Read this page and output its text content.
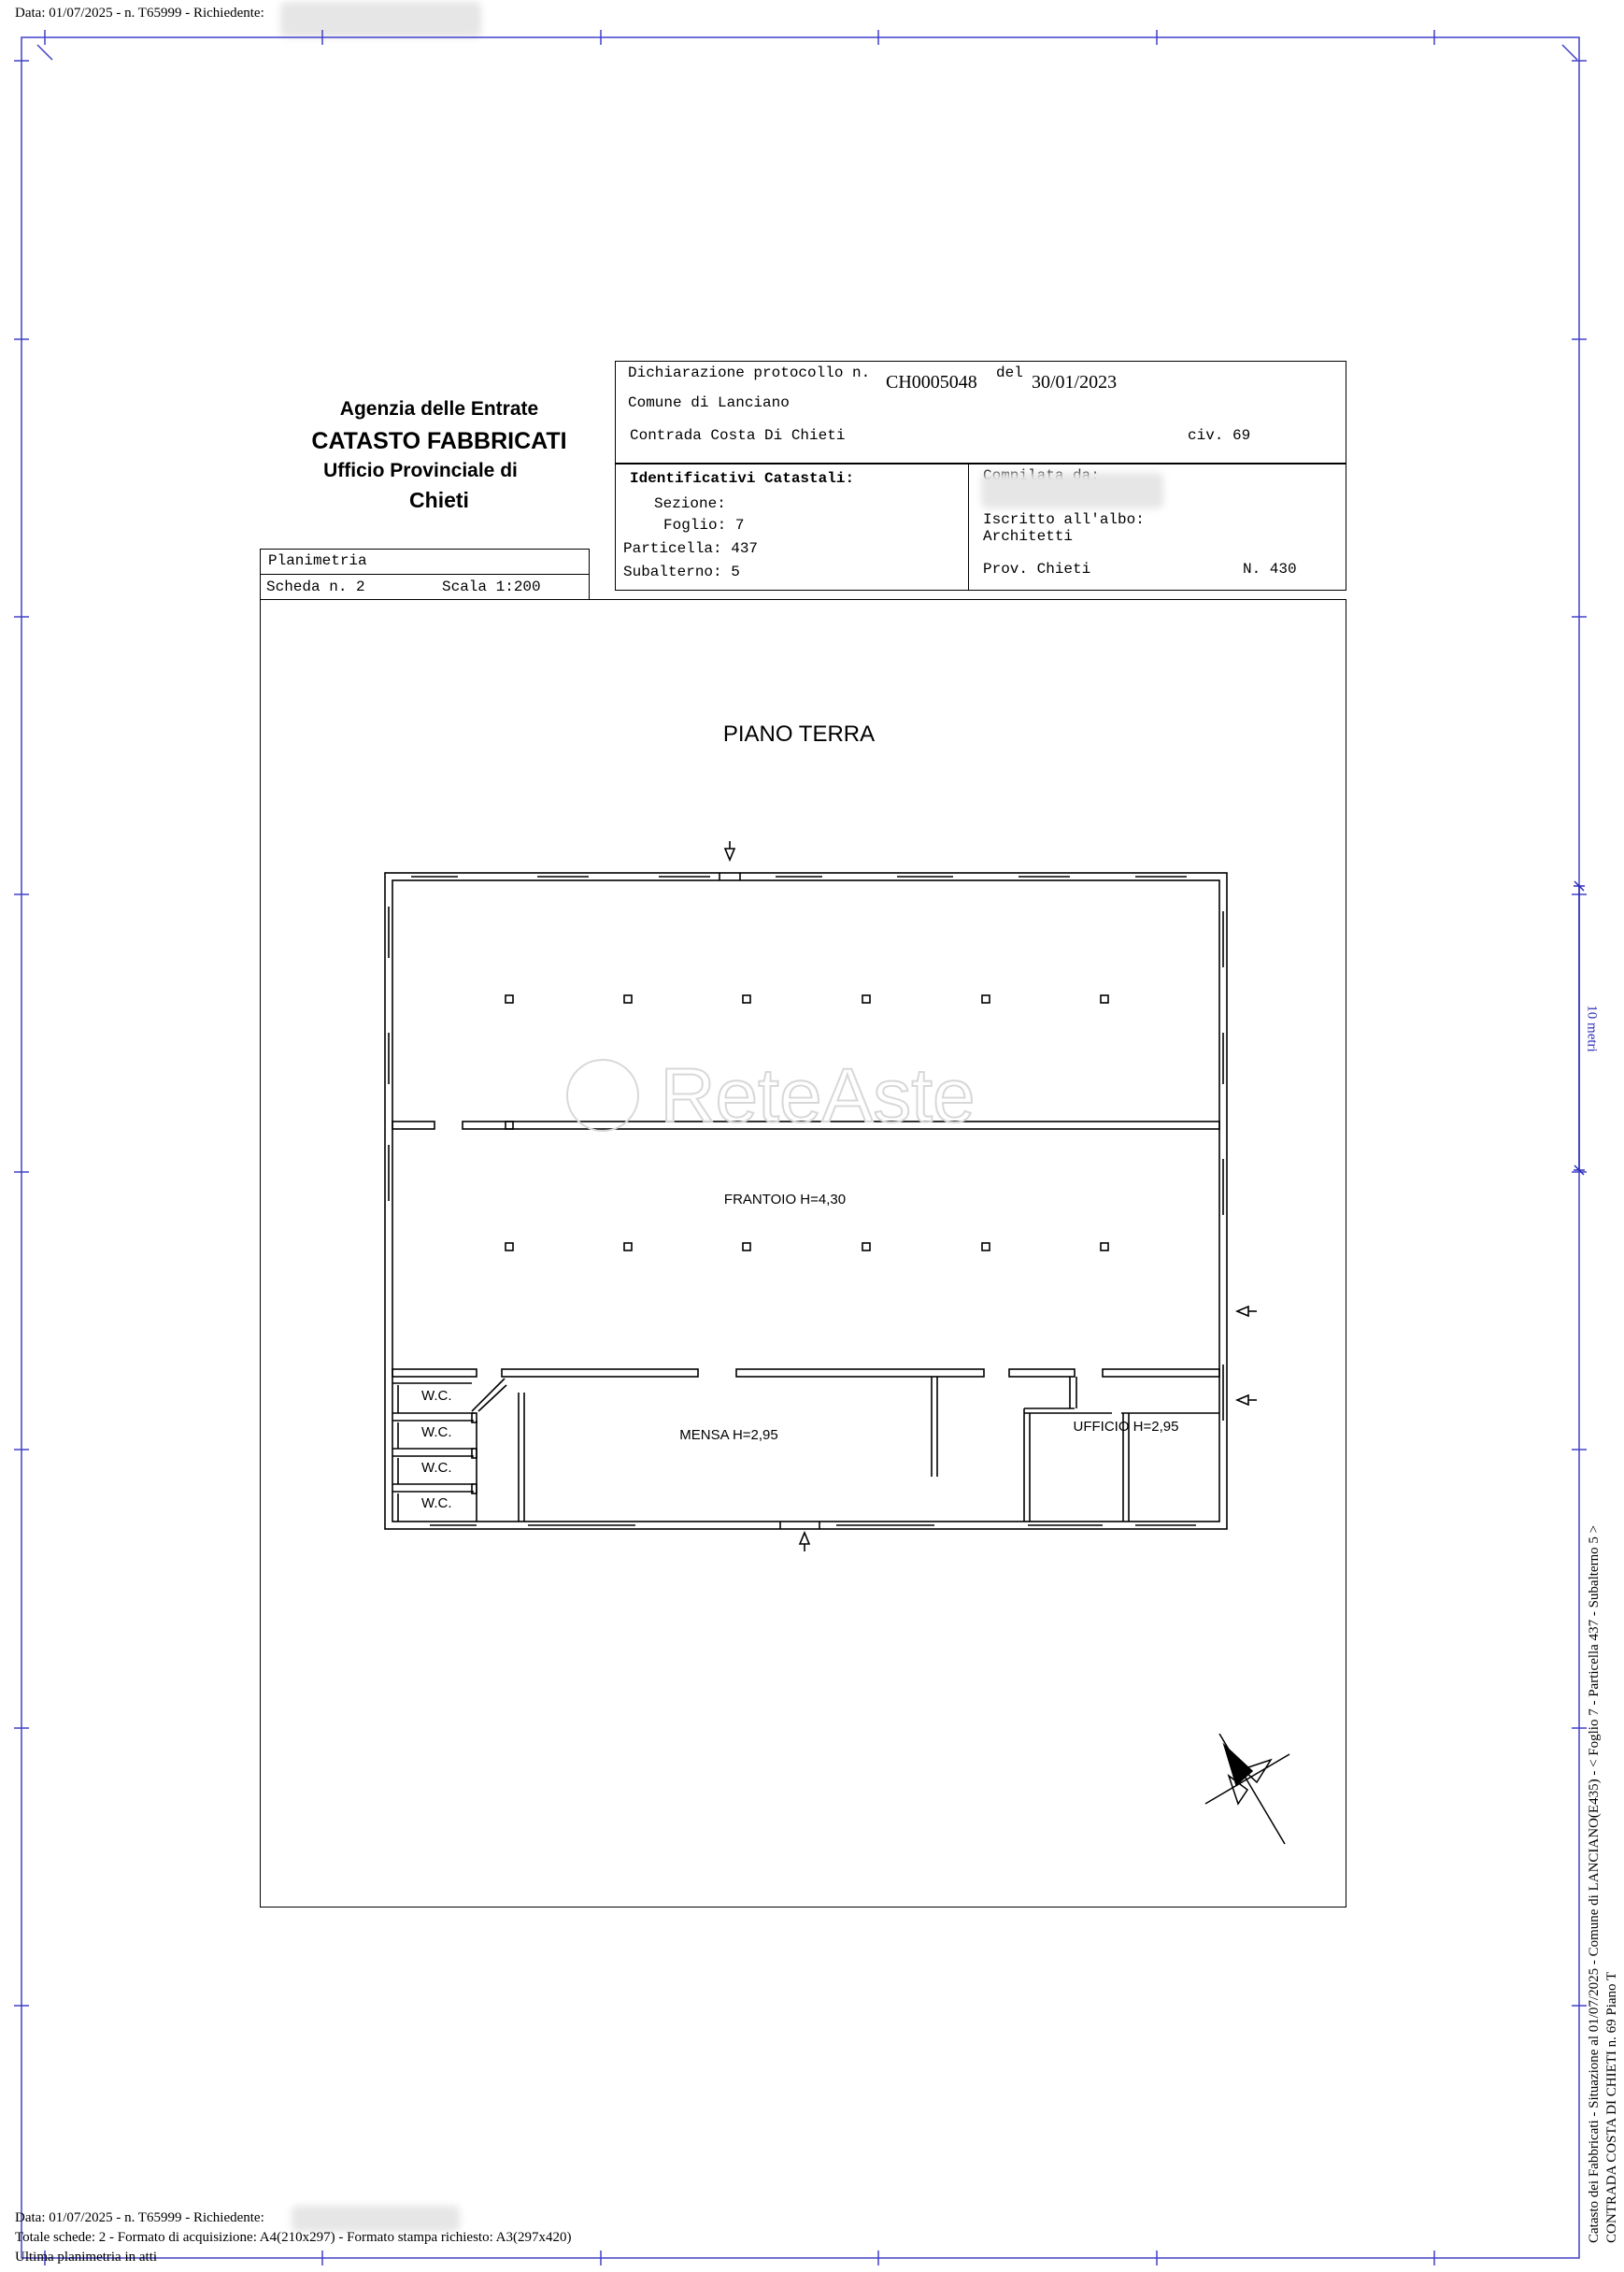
Data: 01/07/2025 - n. T65999 - Richiedente:
Agenzia delle Entrate
CATASTO FABBRICATI
Ufficio Provinciale di
Chieti
Dichiarazione protocollo n. CH0005048 del 30/01/2023
Comune di Lanciano
Contrada Costa Di Chieti	civ. 69
Identificativi Catastali:
Sezione:
Foglio: 7
Particella: 437
Subalterno: 5
Iscritto all'albo:
Architetti
Prov. Chieti	N. 430
Planimetria
Scheda n. 2	Scala 1:200
PIANO TERRA
W.C.
W.C.
W.C.
W.C.
FRANTOIO H=4,30
MENSA H=2,95
UFFICIO H=2,95
ReteAste
10 metri
Catasto dei Fabbricati - Situazione al 01/07/2025 - Comune di LANCIANO(E435) - < Foglio 7 - Particella 437 - Subalterno 5 > CONTRADA COSTA DI CHIETI n. 69 Piano T
Data: 01/07/2025 - n. T65999 - Richiedente:
Totale schede: 2 - Formato di acquisizione: A4(210x297) - Formato stampa richiesto: A3(297x420)
Ultima planimetria in atti
